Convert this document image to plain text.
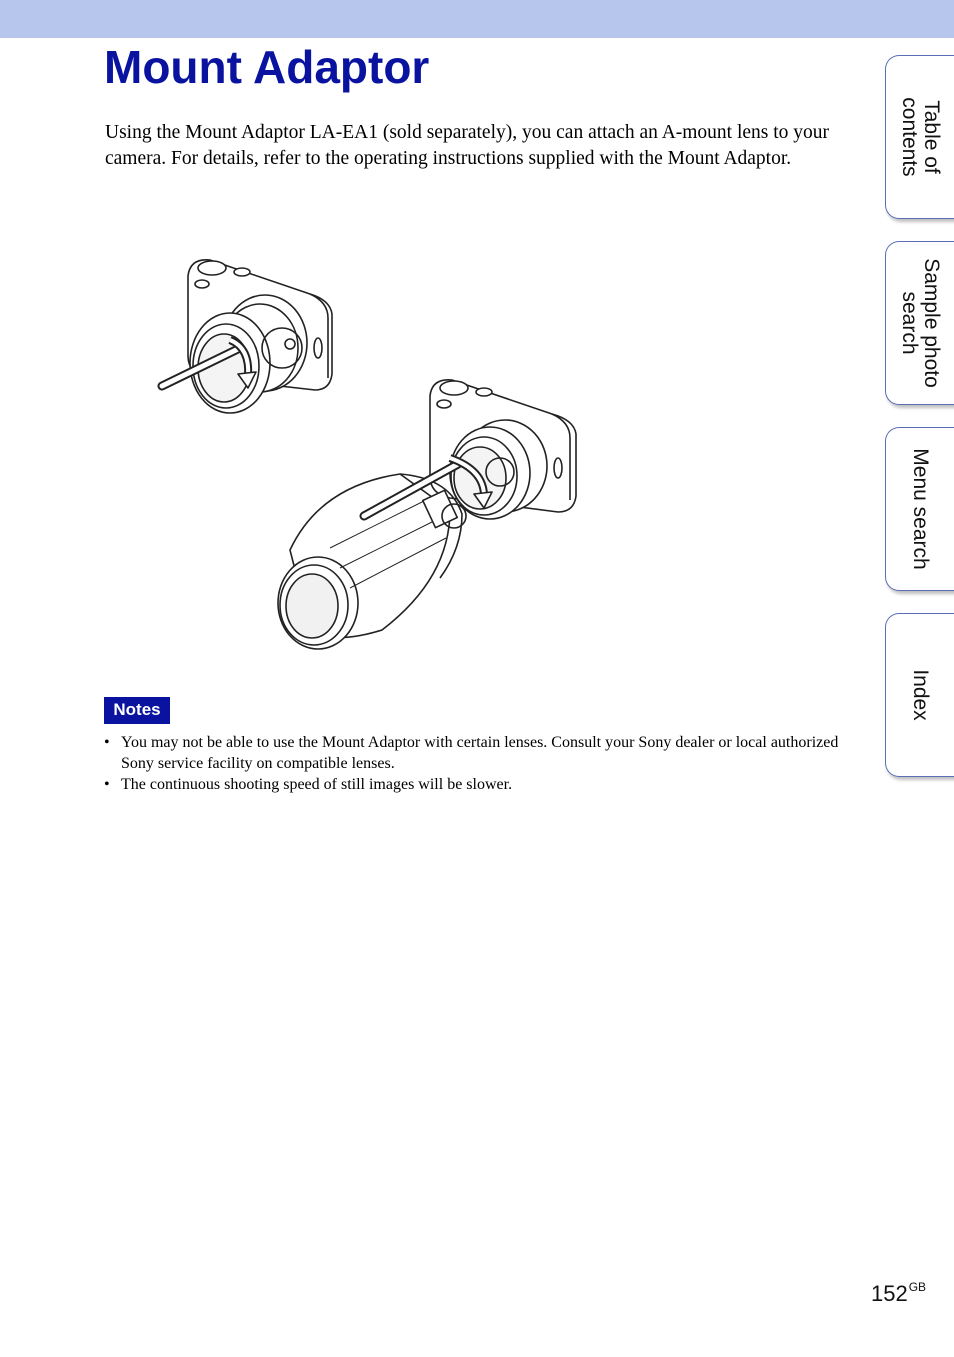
Mount Adaptor

Using the Mount Adaptor LA-EA1 (sold separately), you can attach an A-mount lens to your camera. For details, refer to the operating instructions supplied with the Mount Adaptor.

Notes
• You may not be able to use the Mount Adaptor with certain lenses. Consult your Sony dealer or local authorized Sony service facility on compatible lenses.
• The continuous shooting speed of still images will be slower.
Table of
contents
Sample photo
search
Menu search
Index
$152^{GB}$
